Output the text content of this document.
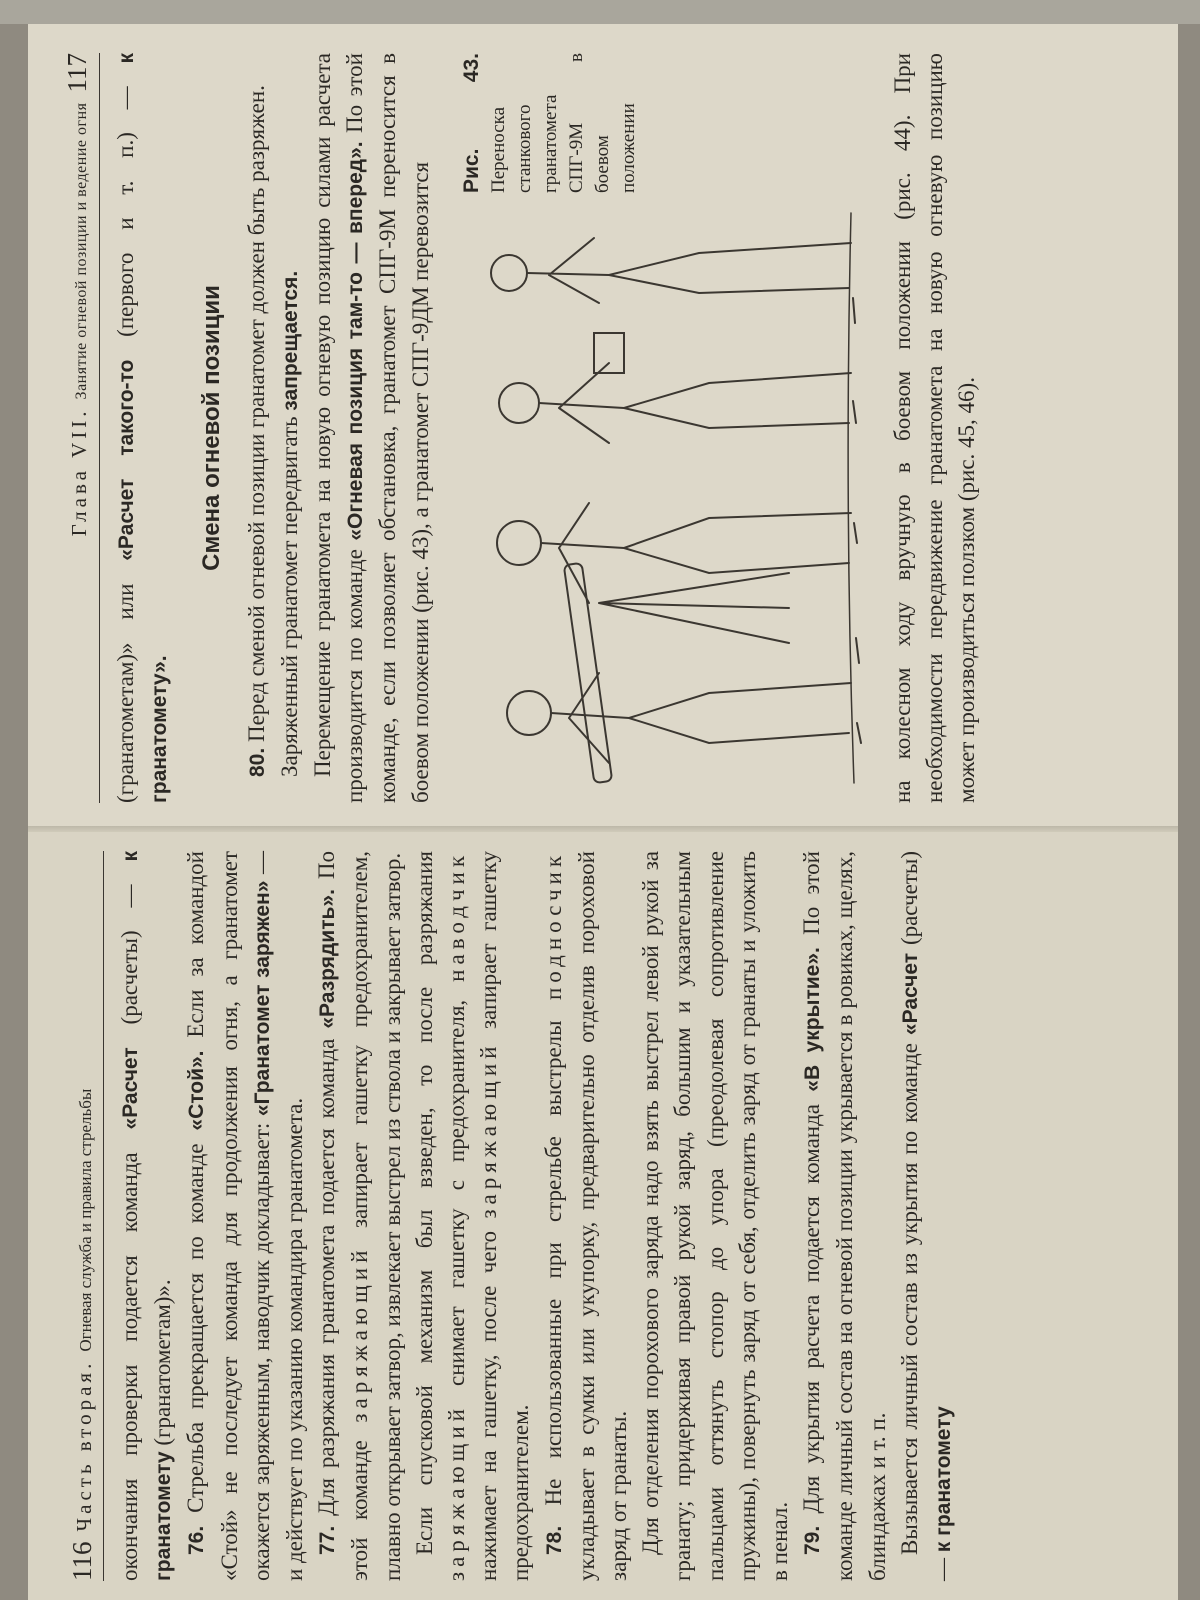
Глава VII.
Занятие огневой позиции и ведение огня
117

(гранатометам)» или «Расчет такого-то (первого и т. п.) — к гранатомету».

Смена огневой позиции

80. Перед сменой огневой позиции гранатомет должен быть разряжен. Заряженный гранатомет передвигать запрещается. Перемещение гранатомета на новую огневую позицию силами расчета производится по команде «Огневая позиция там-то — вперед». По этой команде, если позволяет обстановка, гранатомет СПГ-9М переносится в боевом положении (рис. 43), а гранатомет СПГ-9ДМ перевозится

Рис. 43. Переноска станкового гранатомета СПГ-9М в боевом положении	на колесном ходу вручную в боевом положении (рис. 44). При необходимости передвижение гранатомета на новую огневую позицию может производиться ползком (рис. 45, 46).

116
Часть вторая.
Огневая служба и правила стрельбы окончания проверки подается команда «Расчет (расчеты) — к гранатомету (гранатометам)».

76. Стрельба прекращается по команде «Стой». Если за командой «Стой» не последует команда для продолжения огня, а гранатомет окажется заряженным, наводчик докладывает: «Гранатомет заряжен» — и действует по указанию командира гранатомета. 77. Для разряжания гранатомета подается команда «Разрядить». По этой команде заряжающий запирает гашетку предохранителем, плавно открывает затвор, извлекает выстрел из ствола и закрывает затвор. Если спусковой механизм был взведен, то после разряжания заряжающий снимает гашетку с предохранителя, наводчик нажимает на гашетку, после чего заряжающий запирает гашетку предохранителем. 78. Не использованные при стрельбе выстрелы подносчик укладывает в сумки или укупорку, предварительно отделив пороховой заряд от гранаты. Для отделения порохового заряда надо взять выстрел левой рукой за гранату; придерживая правой рукой заряд, большим и указательным пальцами оттянуть стопор до упора (преодолевая сопротивление пружины), повернуть заряд от себя, отделить заряд от гранаты и уложить в пенал. 79. Для укрытия расчета подается команда «В укрытие». По этой команде личный состав на огневой позиции укрывается в ровиках, щелях, блиндажах и т. п. Вызывается личный состав из укрытия по команде «Расчет (расчеты) — к гранатомету
